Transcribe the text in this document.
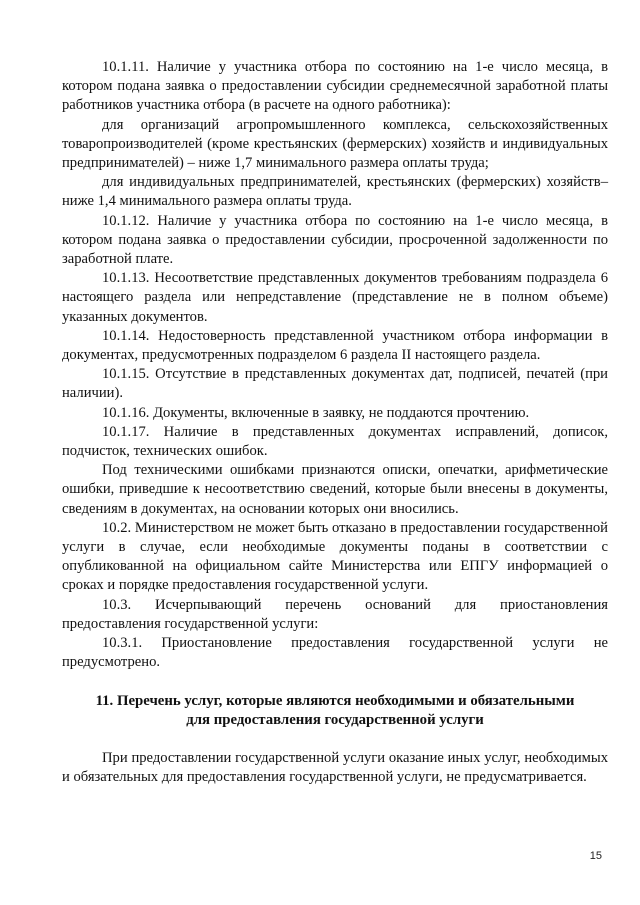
10.1.11. Наличие у участника отбора по состоянию на 1-е число месяца, в котором подана заявка о предоставлении субсидии среднемесячной заработной платы работников участника отбора (в расчете на одного работника):

для организаций агропромышленного комплекса, сельскохозяйственных товаропроизводителей (кроме крестьянских (фермерских) хозяйств и индивидуальных предпринимателей) – ниже 1,7 минимального размера оплаты труда;

для индивидуальных предпринимателей, крестьянских (фермерских) хозяйств– ниже 1,4 минимального размера оплаты труда.

10.1.12. Наличие у участника отбора по состоянию на 1-е число месяца, в котором подана заявка о предоставлении субсидии, просроченной задолженности по заработной плате.

10.1.13. Несоответствие представленных документов требованиям подраздела 6 настоящего раздела или непредставление (представление не в полном объеме) указанных документов.

10.1.14. Недостоверность представленной участником отбора информации в документах, предусмотренных подразделом 6 раздела II настоящего раздела.

10.1.15. Отсутствие в представленных документах дат, подписей, печатей (при наличии).

10.1.16. Документы, включенные в заявку, не поддаются прочтению.

10.1.17. Наличие в представленных документах исправлений, дописок, подчисток, технических ошибок.

Под техническими ошибками признаются описки, опечатки, арифметические ошибки, приведшие к несоответствию сведений, которые были внесены в документы, сведениям в документах, на основании которых они вносились.

10.2. Министерством не может быть отказано в предоставлении государственной услуги в случае, если необходимые документы поданы в соответствии с опубликованной на официальном сайте Министерства или ЕПГУ информацией о сроках и порядке предоставления государственной услуги.

10.3. Исчерпывающий перечень оснований для приостановления предоставления государственной услуги:

10.3.1. Приостановление предоставления государственной услуги не предусмотрено.

11. Перечень услуг, которые являются необходимыми и обязательными
для предоставления государственной услуги

При предоставлении государственной услуги оказание иных услуг, необходимых и обязательных для предоставления государственной услуги, не предусматривается.

15
